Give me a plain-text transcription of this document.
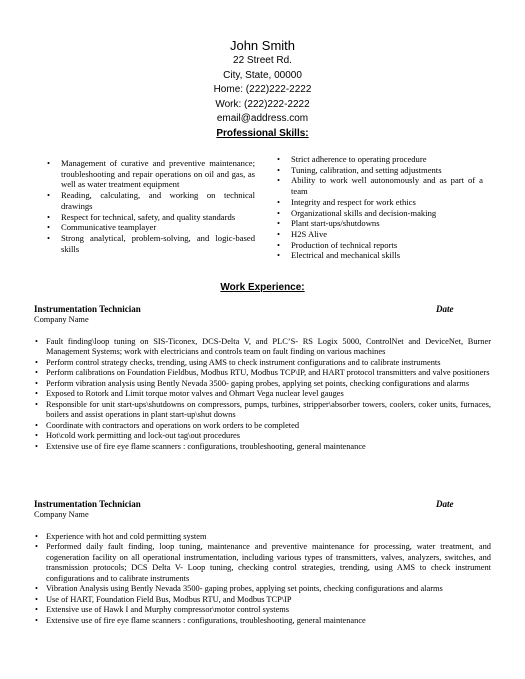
John Smith
22 Street Rd.
City, State, 00000
Home: (222)222-2222
Work: (222)222-2222
email@address.com
Professional Skills:
• Management of curative and preventive maintenance; troubleshooting and repair operations on oil and gas, as well as water treatment equipment
• Reading, calculating, and working on technical drawings
• Respect for technical, safety, and quality standards
• Communicative teamplayer
• Strong analytical, problem-solving, and logic-based skills
• Strict adherence to operating procedure
• Tuning, calibration, and setting adjustments
• Ability to work well autonomously and as part of a team
• Integrity and respect for work ethics
• Organizational skills and decision-making
• Plant start-ups/shutdowns
• H2S Alive
• Production of technical reports
• Electrical and mechanical skills
Work Experience:
Instrumentation Technician	Date
Company Name
• Fault finding\loop tuning on SIS-Ticonex, DCS-Delta V, and PLC’S- RS Logix 5000, ControlNet and DeviceNet, Burner Management Systems; work with electricians and controls team on fault finding on various machines
• Perform control strategy checks, trending, using AMS to check instrument configurations and to calibrate instruments
• Perform calibrations on Foundation Fieldbus, Modbus RTU, Modbus TCP\IP, and HART protocol transmitters and valve positioners
• Perform vibration analysis using Bently Nevada 3500- gaping probes, applying set points, checking configurations and alarms
• Exposed to Rotork and Limit torque motor valves and Ohmart Vega nuclear level gauges
• Responsible for unit start-ups\shutdowns on compressors, pumps, turbines, stripper\absorber towers, coolers, coker units, furnaces, boilers and assist operations in plant start-up\shut downs
• Coordinate with contractors and operations on work orders to be completed
• Hot\cold work permitting and lock-out tag\out procedures
• Extensive use of fire eye flame scanners : configurations, troubleshooting, general maintenance
Instrumentation Technician	Date
Company Name
• Experience with hot and cold permitting system
• Performed daily fault finding, loop tuning, maintenance and preventive maintenance for processing, water treatment, and cogeneration facility on all operational instrumentation, including various types of transmitters, valves, analyzers, switches, and transmission protocols; DCS Delta V- Loop tuning, checking control strategies, trending, using AMS to check instrument configurations and to calibrate instruments
• Vibration Analysis using Bently Nevada 3500- gaping probes, applying set points, checking configurations and alarms
• Use of HART, Foundation Field Bus, Modbus RTU, and Modbus TCP\IP
• Extensive use of Hawk I and Murphy compressor\motor control systems
• Extensive use of fire eye flame scanners : configurations, troubleshooting, general maintenance
